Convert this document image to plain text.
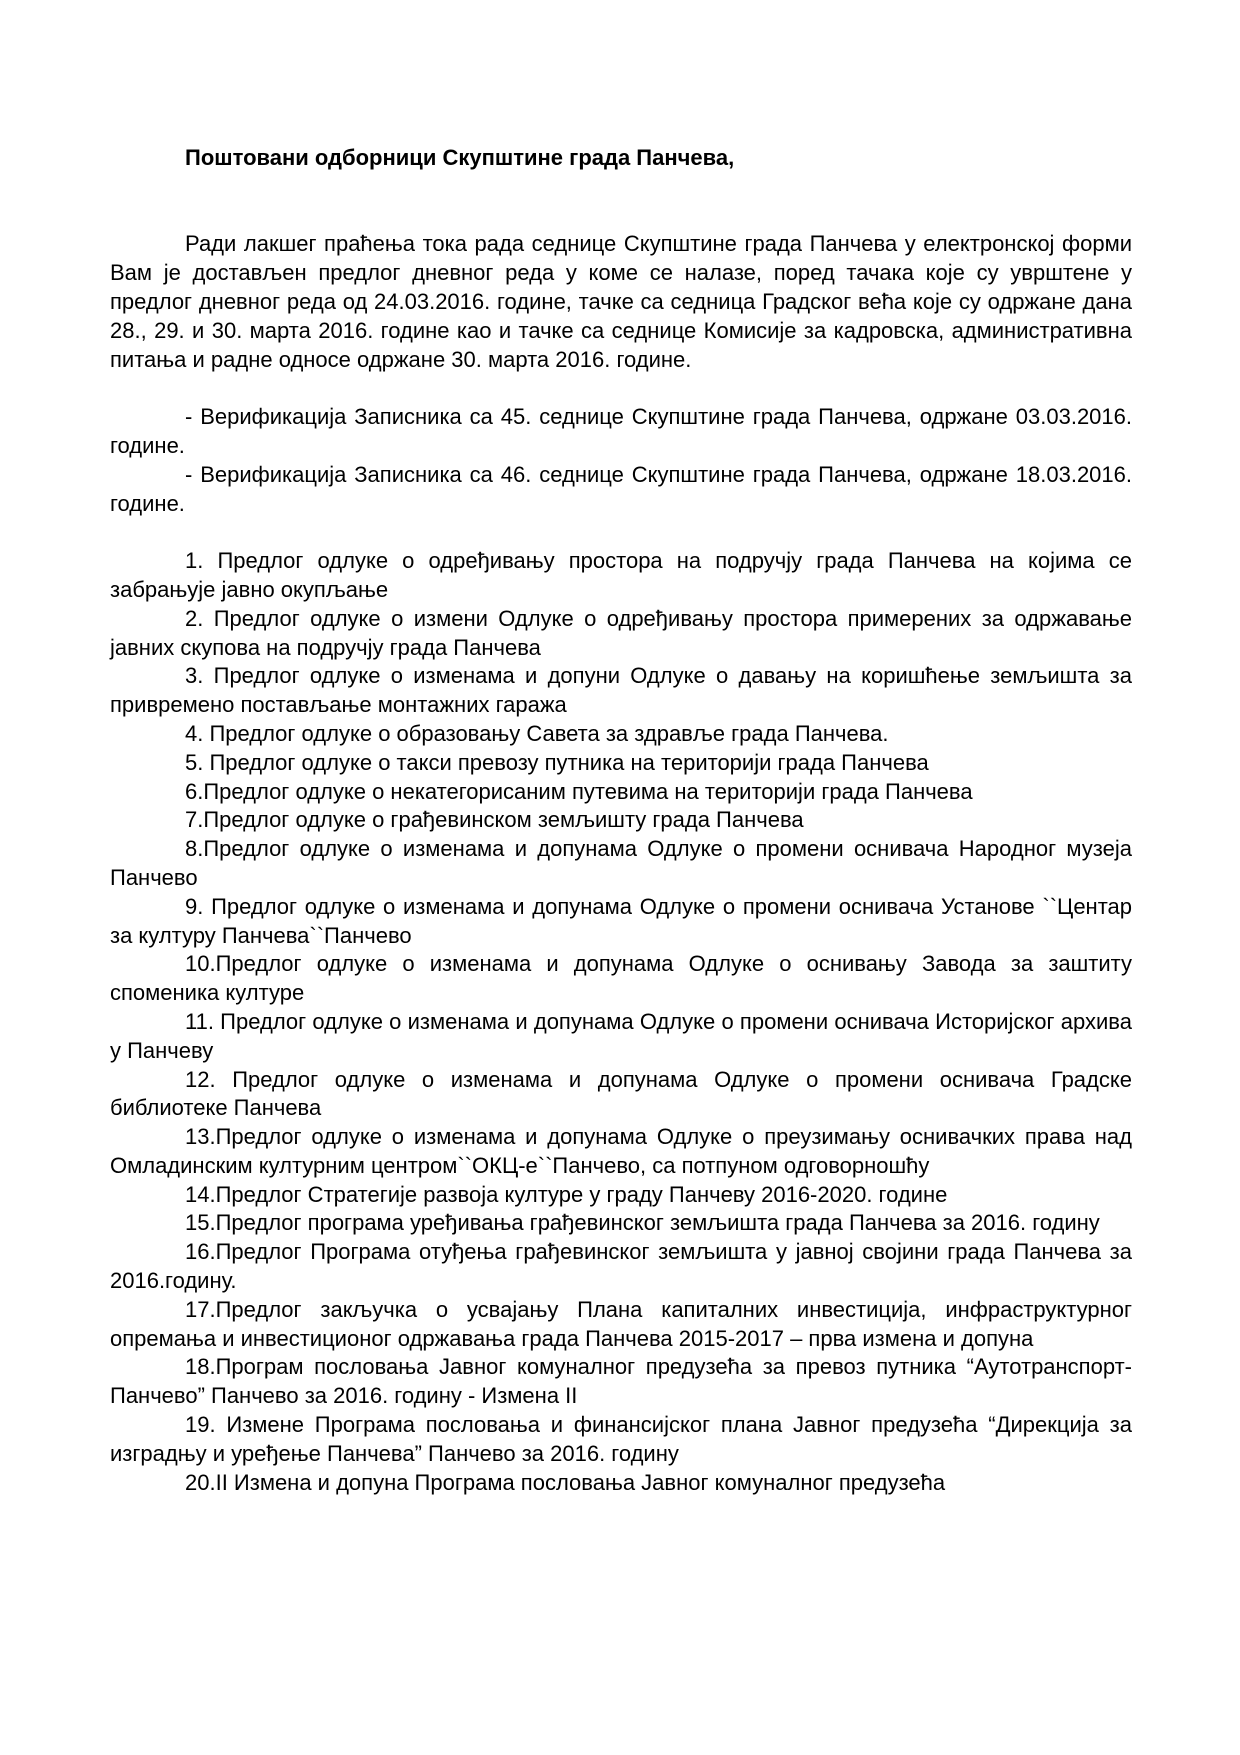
Поштовани одборници Скупштине града Панчева,

Ради лакшег праћења тока рада седнице Скупштине града Панчева у електронској форми Вам је достављен предлог дневног реда у коме се налазе, поред тачака које су уврштене у предлог дневног реда од 24.03.2016. године, тачке са седница Градског већа које су одржане дана 28., 29. и 30. марта 2016. године као и тачке са седнице Комисије за кадровска, административна питања и радне односе одржане 30. марта 2016. године.

- Верификација Записника са 45. седнице Скупштине града Панчева, одржане 03.03.2016. године.

- Верификација Записника са 46. седнице Скупштине града Панчева, одржане 18.03.2016. године.

1. Предлог одлуке о одређивању простора на подручју града Панчева на којима се забрањује јавно окупљање

2. Предлог одлуке о измени Одлуке о одређивању простора примерених за одржавање јавних скупова на подручју града Панчева

3. Предлог одлуке о изменама и допуни Одлуке о давању на коришћење земљишта за привремено постављање монтажних гаража

4. Предлог одлуке о образовању Савета за здравље града Панчева.

5. Предлог одлуке о такси превозу путника на територији града Панчева

6.Предлог одлуке о некатегорисаним путевима на територији града Панчева

7.Предлог одлуке о грађевинском земљишту града Панчева

8.Предлог одлуке о изменама и допунама Одлуке о промени оснивача Народног музеја Панчево

9. Предлог одлуке о изменама и допунама Одлуке о промени оснивача Установе ``Центар за културу Панчева``Панчево

10.Предлог одлуке о изменама и допунама Одлуке о оснивању Завода за заштиту споменика културе

11. Предлог одлуке о изменама и допунама Одлуке о промени оснивача Историјског архива у Панчеву

12. Предлог одлуке о изменама и допунама Одлуке о промени оснивача Градске библиотеке Панчева

13.Предлог одлуке о изменама и допунама Одлуке о преузимању оснивачких права над Омладинским културним центром``ОКЦ-е``Панчево, са потпуном одговорношћу

14.Предлог Стратегије развоја културе у граду Панчеву 2016-2020. године

15.Предлог програма уређивања грађевинског земљишта града Панчева за 2016. годину

16.Предлог Програма отуђења грађевинског земљишта у јавној својини града Панчева за 2016.годину.

17.Предлог закључка о усвајању Плана капиталних инвестиција, инфраструктурног опремања и инвестиционог одржавања града Панчева 2015-2017 – прва измена и допуна

18.Програм пословања Јавног комуналног предузећа за превоз путника “Аутотранспорт-Панчево” Панчево за 2016. годину - Измена II

19. Измене Програма пословања и финансијског плана Јавног предузећа “Дирекција за изградњу и уређење Панчева” Панчево за 2016. годину

20.II Измена и допуна Програма пословања Јавног комуналног предузећа
